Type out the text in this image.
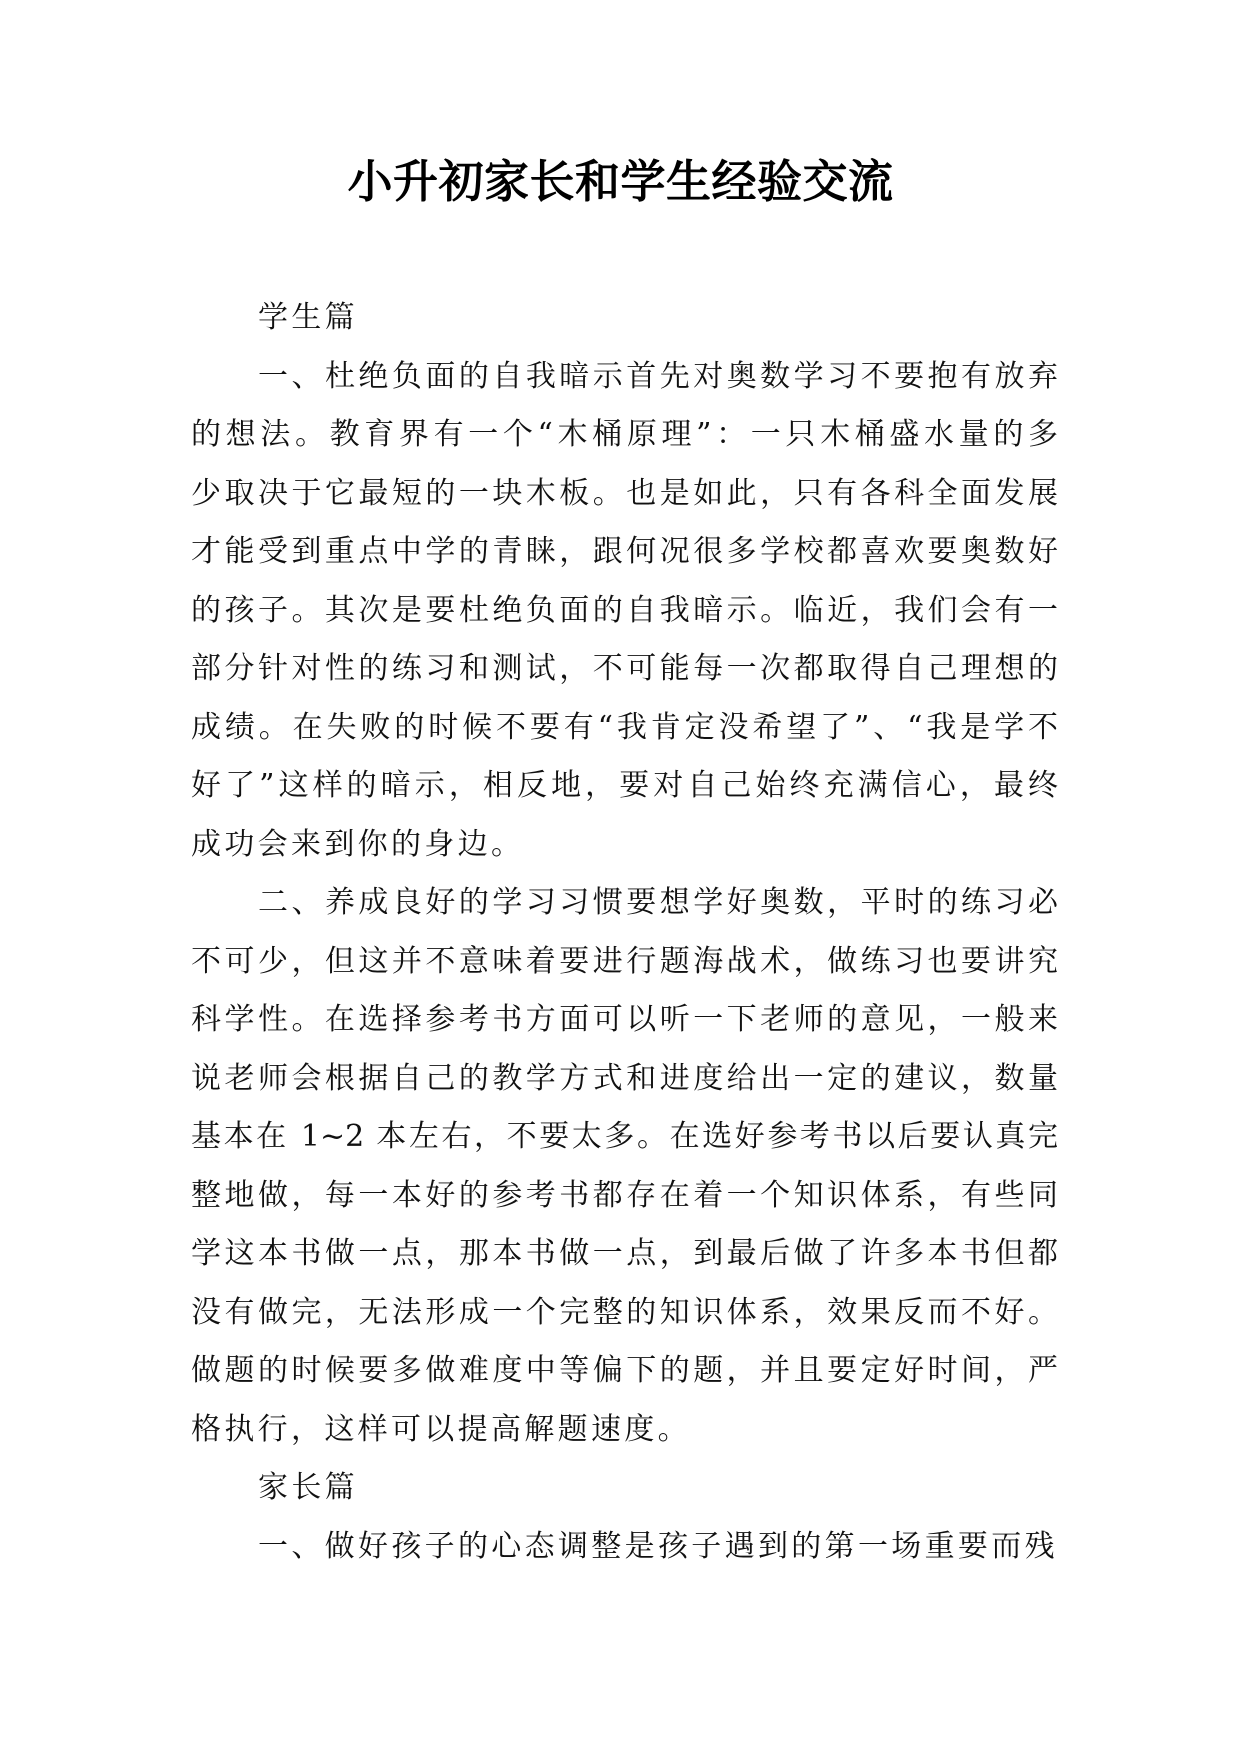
小升初家长和学生经验交流
学生篇
一、杜绝负面的自我暗示首先对奥数学习不要抱有放弃
的想法。教育界有一个“木桶原理”：一只木桶盛水量的多
少取决于它最短的一块木板。也是如此，只有各科全面发展
才能受到重点中学的青睐，跟何况很多学校都喜欢要奥数好
的孩子。其次是要杜绝负面的自我暗示。临近，我们会有一
部分针对性的练习和测试，不可能每一次都取得自己理想的
成绩。在失败的时候不要有“我肯定没希望了”、“我是学不
好了”这样的暗示，相反地，要对自己始终充满信心，最终
成功会来到你的身边。
二、养成良好的学习习惯要想学好奥数，平时的练习必
不可少，但这并不意味着要进行题海战术，做练习也要讲究
科学性。在选择参考书方面可以听一下老师的意见，一般来
说老师会根据自己的教学方式和进度给出一定的建议，数量
基本在 1~2 本左右，不要太多。在选好参考书以后要认真完
整地做，每一本好的参考书都存在着一个知识体系，有些同
学这本书做一点，那本书做一点，到最后做了许多本书但都
没有做完，无法形成一个完整的知识体系，效果反而不好。
做题的时候要多做难度中等偏下的题，并且要定好时间，严
格执行，这样可以提高解题速度。
家长篇
一、做好孩子的心态调整是孩子遇到的第一场重要而残
